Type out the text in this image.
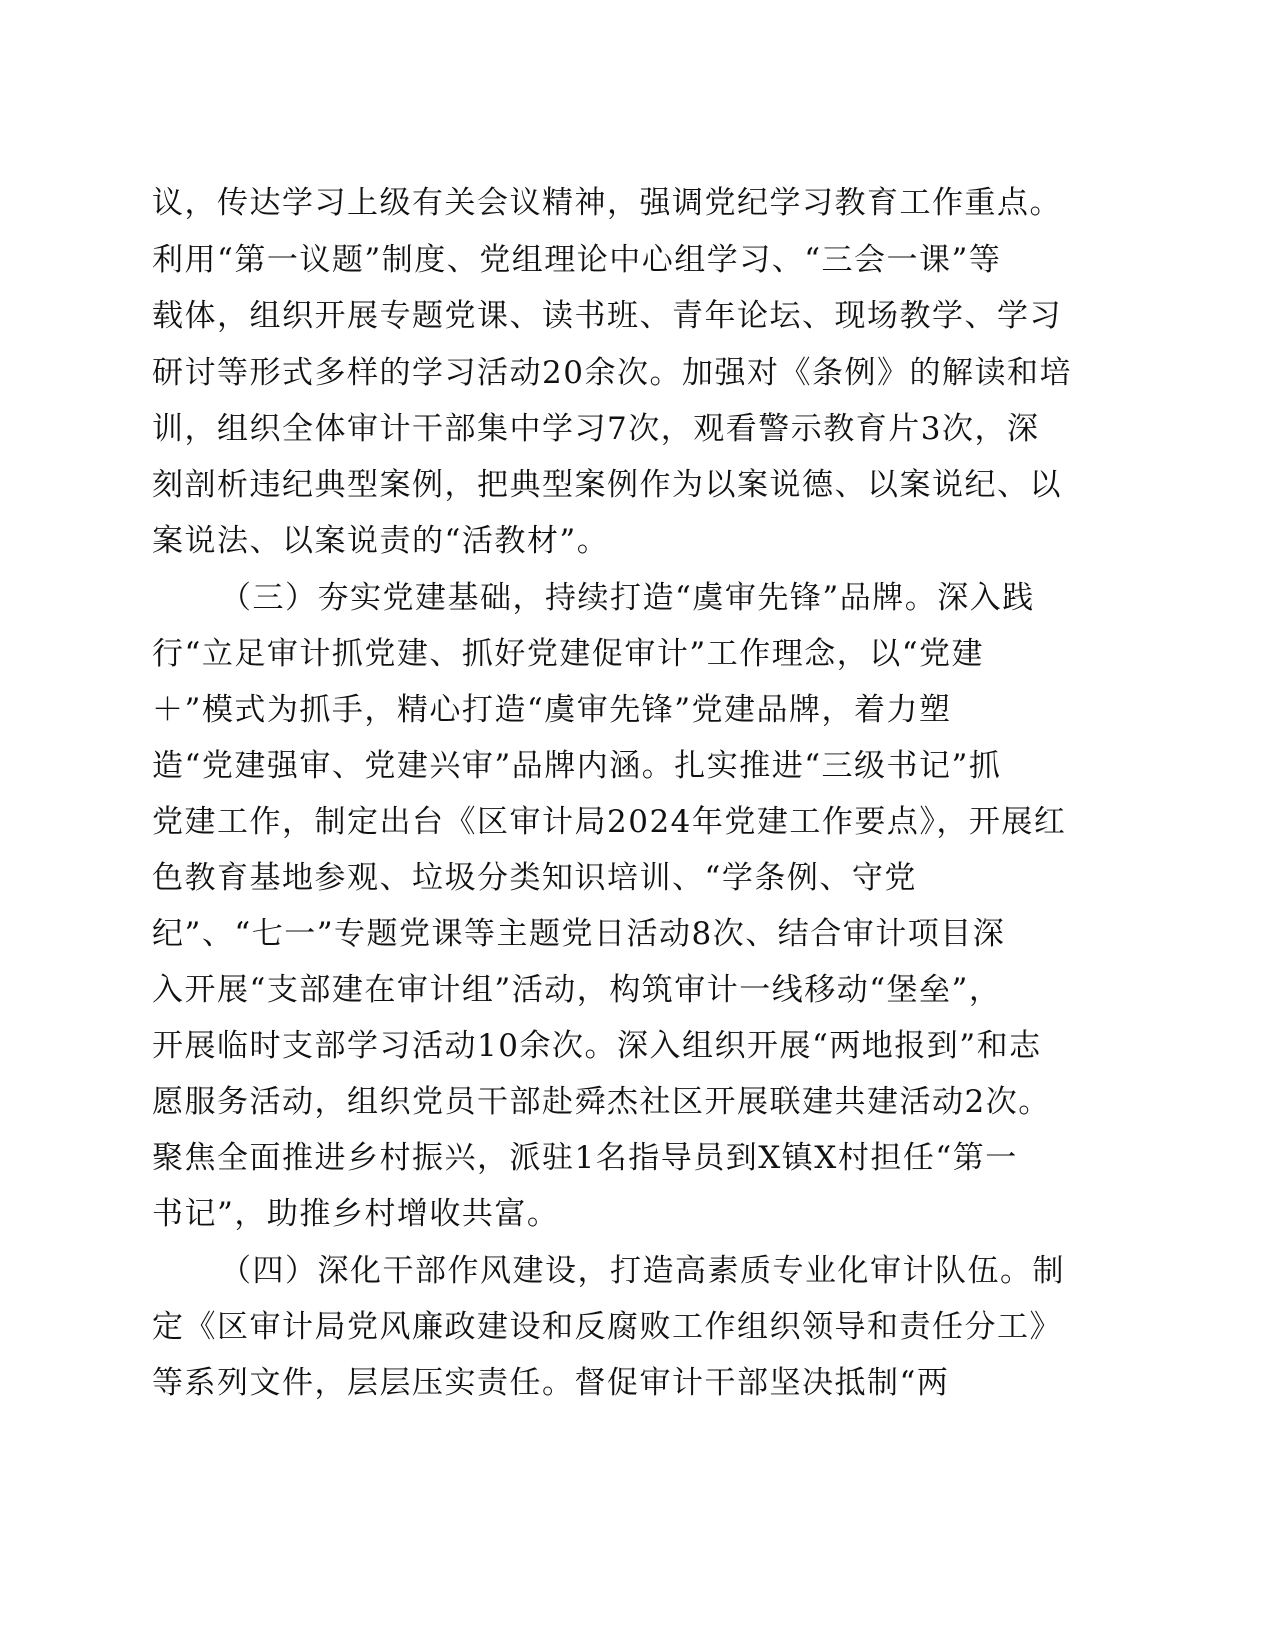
议，传达学习上级有关会议精神，强调党纪学习教育工作重点。
利用“第一议题”制度、党组理论中心组学习、“三会一课”等
载体，组织开展专题党课、读书班、青年论坛、现场教学、学习
研讨等形式多样的学习活动20余次。加强对《条例》的解读和培
训，组织全体审计干部集中学习7次，观看警示教育片3次，深
刻剖析违纪典型案例，把典型案例作为以案说德、以案说纪、以
案说法、以案说责的“活教材”。
（三）夯实党建基础，持续打造“虞审先锋”品牌。深入践
行“立足审计抓党建、抓好党建促审计”工作理念，以“党建
＋”模式为抓手，精心打造“虞审先锋”党建品牌，着力塑
造“党建强审、党建兴审”品牌内涵。扎实推进“三级书记”抓
党建工作，制定出台《区审计局2024年党建工作要点》，开展红
色教育基地参观、垃圾分类知识培训、“学条例、守党
纪”、“七一”专题党课等主题党日活动8次、结合审计项目深
入开展“支部建在审计组”活动，构筑审计一线移动“堡垒”，
开展临时支部学习活动10余次。深入组织开展“两地报到”和志
愿服务活动，组织党员干部赴舜杰社区开展联建共建活动2次。
聚焦全面推进乡村振兴，派驻1名指导员到X镇X村担任“第一
书记”，助推乡村增收共富。
（四）深化干部作风建设，打造高素质专业化审计队伍。制
定《区审计局党风廉政建设和反腐败工作组织领导和责任分工》
等系列文件，层层压实责任。督促审计干部坚决抵制“两
